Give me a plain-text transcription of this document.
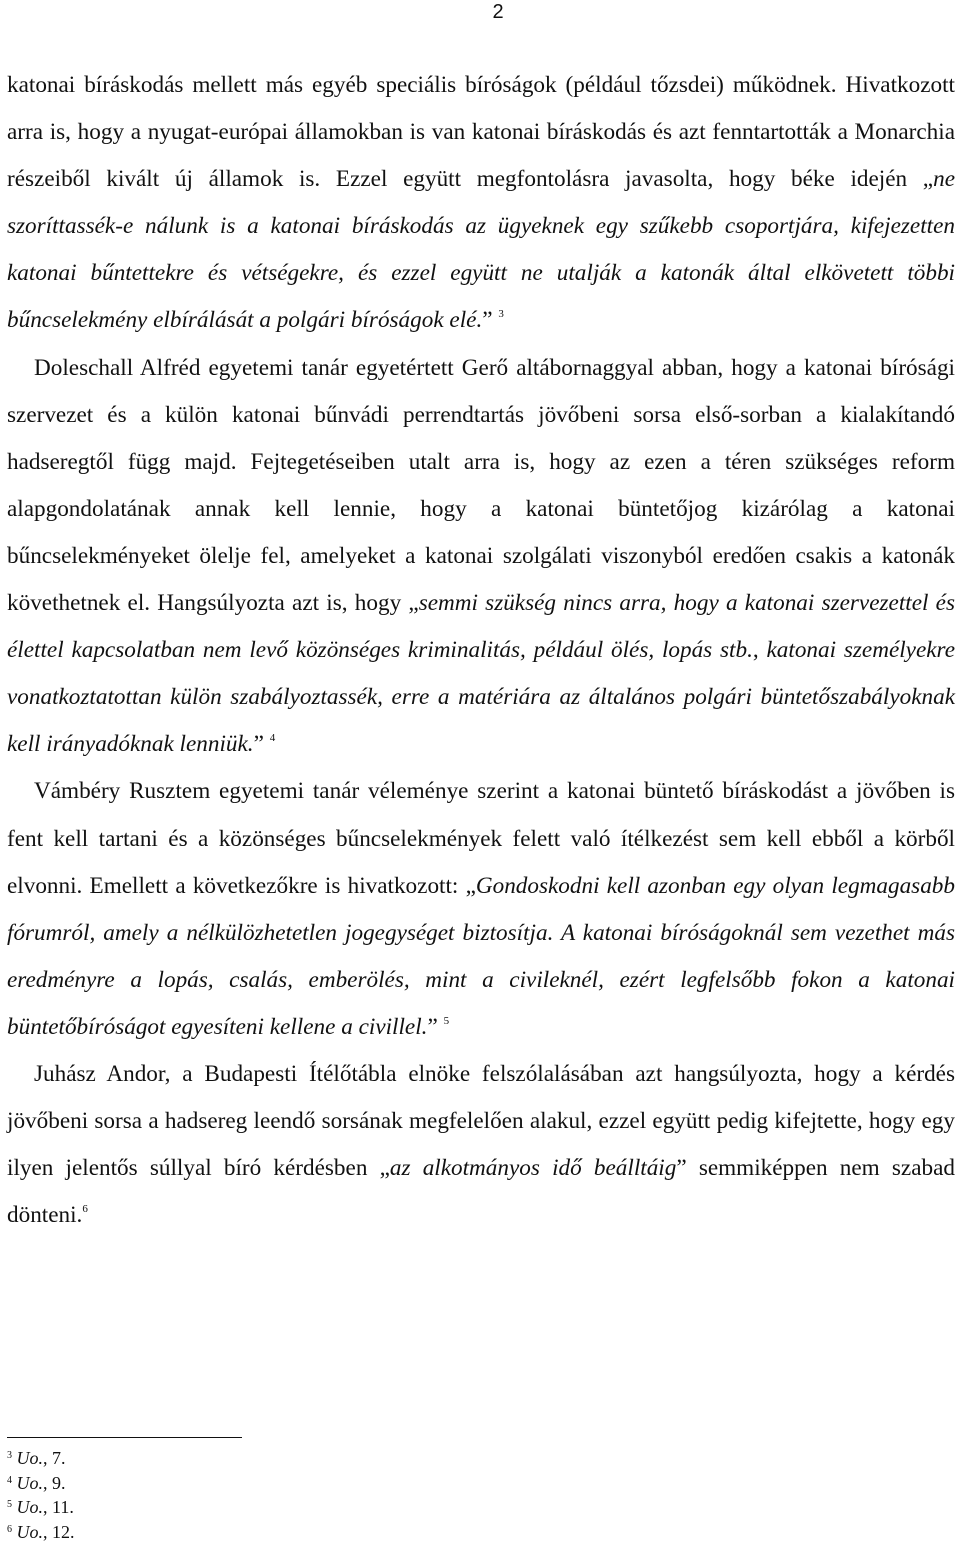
2

katonai bíráskodás mellett más egyéb speciális bíróságok (például tőzsdei) működnek. Hivatkozott arra is, hogy a nyugat-európai államokban is van katonai bíráskodás és azt fenntartották a Monarchia részeiből kivált új államok is. Ezzel együtt megfontolásra javasolta, hogy béke idején „ne szoríttassék-e nálunk is a katonai bíráskodás az ügyeknek egy szűkebb csoportjára, kifejezetten katonai bűntettekre és vétségekre, és ezzel együtt ne utalják a katonák által elkövetett többi bűncselekmény elbírálását a polgári bíróságok elé.” $^3$

Doleschall Alfréd egyetemi tanár egyetértett Gerő altábornaggyal abban, hogy a katonai bírósági szervezet és a külön katonai bűnvádi perrendtartás jövőbeni sorsa első-sorban a kialakítandó hadseregtől függ majd. Fejtegetéseiben utalt arra is, hogy az ezen a téren szükséges reform alapgondolatának annak kell lennie, hogy a katonai büntetőjog kizárólag a katonai bűncselekményeket ölelje fel, amelyeket a katonai szolgálati viszonyból eredően csakis a katonák követhetnek el. Hangsúlyozta azt is, hogy „semmi szükség nincs arra, hogy a katonai szervezettel és élettel kapcsolatban nem levő közönséges kriminalitás, például ölés, lopás stb., katonai személyekre vonatkoztatottan külön szabályoztassék, erre a matériára az általános polgári büntetőszabályoknak kell irányadóknak lenniük.” $^4$

Vámbéry Rusztem egyetemi tanár véleménye szerint a katonai büntető bíráskodást a jövőben is fent kell tartani és a közönséges bűncselekmények felett való ítélkezést sem kell ebből a körből elvonni. Emellett a következőkre is hivatkozott: „Gondoskodni kell azonban egy olyan legmagasabb fórumról, amely a nélkülözhetetlen jogegységet biztosítja. A katonai bíróságoknál sem vezethet más eredményre a lopás, csalás, emberölés, mint a civileknél, ezért legfelsőbb fokon a katonai büntetőbíróságot egyesíteni kellene a civillel.” $^5$

Juhász Andor, a Budapesti Ítélőtábla elnöke felszólalásában azt hangsúlyozta, hogy a kérdés jövőbeni sorsa a hadsereg leendő sorsának megfelelően alakul, ezzel együtt pedig kifejtette, hogy egy ilyen jelentős súllyal bíró kérdésben „az alkotmányos idő beálltáig” semmiképpen nem szabad dönteni.$^6$

$^3$ Uo., 7.
$^4$ Uo., 9.
$^5$ Uo., 11.
$^6$ Uo., 12.
